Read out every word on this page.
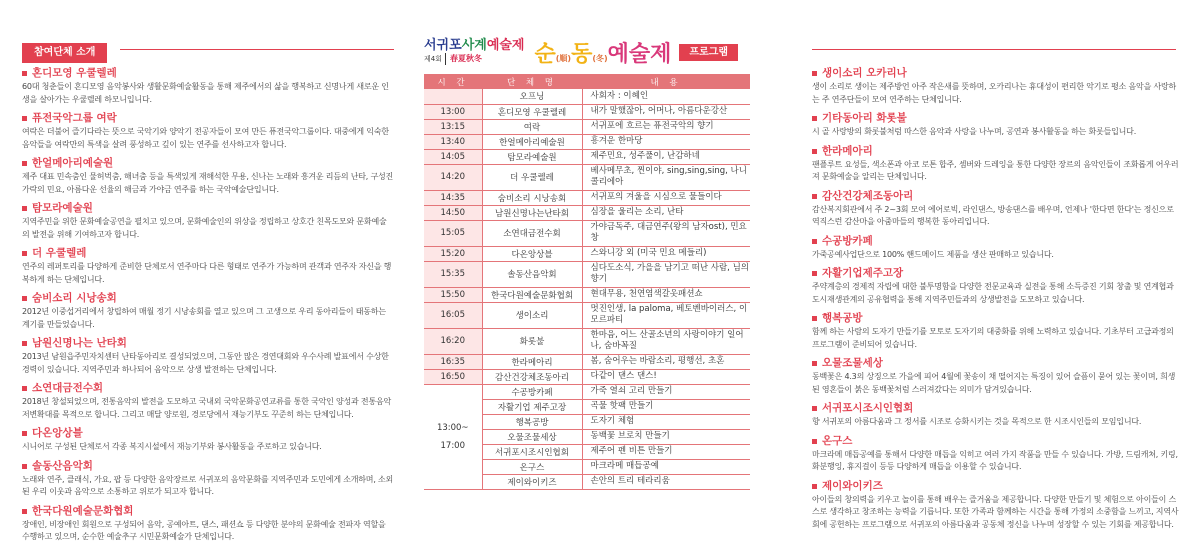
참여단체 소개
혼디모영 우쿨렐레
60대 청춘들이 혼디모영 음악봉사와 생활문화예술활동을 통해 제주에서의 삶을 행복하고 신명나게 새로운 인생을 살아가는 우쿨렐레 하모니입니다.
퓨전국악그룹 여락
여락은 더불어 즐기다라는 뜻으로 국악기와 양악기 전공자들이 모여 만든 퓨전국악그룹이다. 대중에게 익숙한 음악들을 여락만의 특색을 살려 풍성하고 깊이 있는 연주를 선사하고자 합니다.
한얼메아리예술원
제주 대표 민속춤인 물허벅춤, 해녀춤 등을 특색있게 재해석한 무용, 신나는 노래와 흥겨운 리듬의 난타, 구성진 가락의 민요, 아름다운 선율의 해금과 가야금 연주를 하는 국악예술단입니다.
탐모라예술원
지역주민을 위한 문화예술공연을 펼치고 있으며, 문화예술인의 위상을 정립하고 상호간 친목도모와 문화예술의 발전을 위해 기여하고자 합니다.
더 우쿨렐레
연주의 레퍼토리를 다양하게 준비한 단체로서 연주마다 다른 형태로 연주가 가능하며 관객과 연주자 자신을 행복하게 하는 단체입니다.
숨비소리 시낭송회
2012년 이중섭거리에서 창립하여 매월 정기 시낭송회를 열고 있으며 그 고생으로 우리 동아리들이 태동하는 계기를 만들었습니다.
남원신명나는 난타회
2013년 남원읍주민자치센터 난타동아리로 결성되었으며, 그동안 많은 경연대회와 우수사례 발표에서 수상한 경력이 있습니다. 지역주민과 하나되어 음악으로 상생 발전하는 단체입니다.
소연대금전수회
2018년 창설되었으며, 전통음악의 발전을 도모하고 국내외 국악문화공연교류를 통한 국악인 양성과 전통음악 저변확대를 목적으로 합니다. 그리고 매달 양로원, 경로당에서 재능기부도 꾸준히 하는 단체입니다.
다온앙상블
시니어로 구성된 단체로서 각종 복지시설에서 재능기부와 봉사활동을 주로하고 있습니다.
솔동산음악회
노래와 연주, 클래식, 가요, 팝 등 다양한 음악장르로 서귀포의 음악문화를 지역주민과 도민에게 소개하며, 소외된 우리 이웃과 음악으로 소통하고 위로가 되고자 합니다.
한국다원예술문화협회
장애인, 비장애인 회원으로 구성되어 음악, 공예아트, 댄스, 패션쇼 등 다양한 분야의 문화예술 전파자 역할을 수행하고 있으며, 순수한 예술추구 시민문화예술가 단체입니다.
서귀포사계예술제
제4회	春夏秋冬 순 (順) 동 (冬) 예술제	프로그램
시 간	단 체 명	내 용
	오프닝	사회자 : 이혜인
13:00	혼디모영 우쿨렐레	내가 말했잖아, 어머나, 아름다운강산
13:15	여락	서귀포에 흐르는 퓨전국악의 향기
13:40	한얼메아리예술원	흥겨운 한마당
14:05	탐모라예술원	제주민요, 성주풀이, 난감하네
14:20	더 우쿨렐레	베사메무초, 찐이야, sing,sing,sing, 나니콜리에아
14:35	숨비소리 시낭송회	서귀포의 겨울을 시심으로 물들이다
14:50	남원신명나는난타회	심장을 울리는 소리, 난타
15:05	소연대금전수회	가야금독주, 대금연주(왕의 남자ost), 민요창
15:20	다온앙상블	스와니강 외 (미국 민요 메들리)
15:35	솔동산음악회	심다도소식, 가을을 남기고 떠난 사람, 님의향기
15:50	한국다원예술문화협회	현대무용, 천연염색갈옷패션쇼
16:05	생이소리	멋진인생, la paloma, 베토벤바이러스, 이모르파티
16:20	화롯불	한마음, 어느 산골소년의 사랑이야기 일어나, 숨바꼭질
16:35	한라메아리	봄, 숨어우는 바람소리, 평행선, 초혼
16:50	감산건강체조동아리	다같이 댄스 댄스!

13:00~
17:00	수공방카페	가죽 열쇠 고리 만들기
	자활기업 제주고장	곡물 핫팩 만들기
	행복공방	도자기 체험
	오물조물세상	동백꽃 브로치 만들기
	서귀포시조시인협회	제주어 펜 비튼 만들기
	온구스	마크라메 매듭공예
	제이와이키즈	손안의 트리 테라리움
생이소리 오카리나
생이 소리로 생이는 제주방언 아주 작은새를 뜻하며, 오카리나는 휴대성이 편리한 악기로 평소 음악을 사랑하는 주 연주단들이 모여 연주하는 단체입니다.
기타동아리 화롯불
시 골 사랑방의 화롯불처럼 따스한 음악과 사랑을 나누며, 공연과 봉사활동을 하는 화롯들입니다.
한라메아리
팬플루트 요성들, 색소폰과 아코 로톤 합주, 셈버와 드레잉을 통한 다양한 장르의 음악인들이 조화롭게 어우러져 문화예술을 알리는 단체입니다.
감산건강체조동아리
감산복지회관에서 주 2~3회 모여 에어로빅, 라인댄스, 방송댄스를 배우며, 언제나 '한다면 한다'는 정신으로 역직스런 감산마을 아줌마들의 행복한 동아리입니다.
수공방카페
가죽공예사업단으로 100% 핸드메이드 제품을 생산 판매하고 있습니다.
자활기업제주고장
주약계층의 경제적 자립에 대한 불투명함을 다양한 전문교육과 실전을 통해 소득증진 기회 창출 및 연계협과 도시재생관계의 공유협력을 통해 지역주민들과의 상생발전을 도모하고 있습니다.
행복공방
함께 하는 사람의 도자기 만들기를 모토로 도자기의 대중화를 위해 노력하고 있습니다. 기초부터 고급과정의 프로그램이 준비되어 있습니다.
오물조물세상
동백꽃은 4.3의 상징으로 가을에 피어 4월에 꽃송이 채 떨어지는 특징이 있어 슬픔이 묻어 있는 꽃이며, 희생된 영혼들이 붉은 동백꽃처럼 스러져갔다는 의미가 담겨있습니다.
서귀포시조시인협회
향 서귀포의 아름다움과 그 정서를 시조로 승화시키는 것을 목적으로 한 시조시인들의 모임입니다.
온구스
마크라메 매듭공예를 통해서 다양한 매듭을 익히고 여러 가지 작품을 만들 수 있습니다. 가방, 드림캐쳐, 키링, 화분행잉, 휴지걸이 등등 다양하게 매듭을 이용할 수 있습니다.
제이와이키즈
아이들의 창의력을 키우고 놀이를 통해 배우는 즐거움을 제공합니다. 다양한 만들기 및 체험으로 아이들이 스스로 생각하고 창조하는 능력을 기릅니다. 또한 가족과 함께하는 시간을 통해 가정의 소중함을 느끼고, 지역사회에 공헌하는 프로그램으로 서귀포의 아름다움과 공동체 정신을 나누며 성장할 수 있는 기회를 제공합니다.
